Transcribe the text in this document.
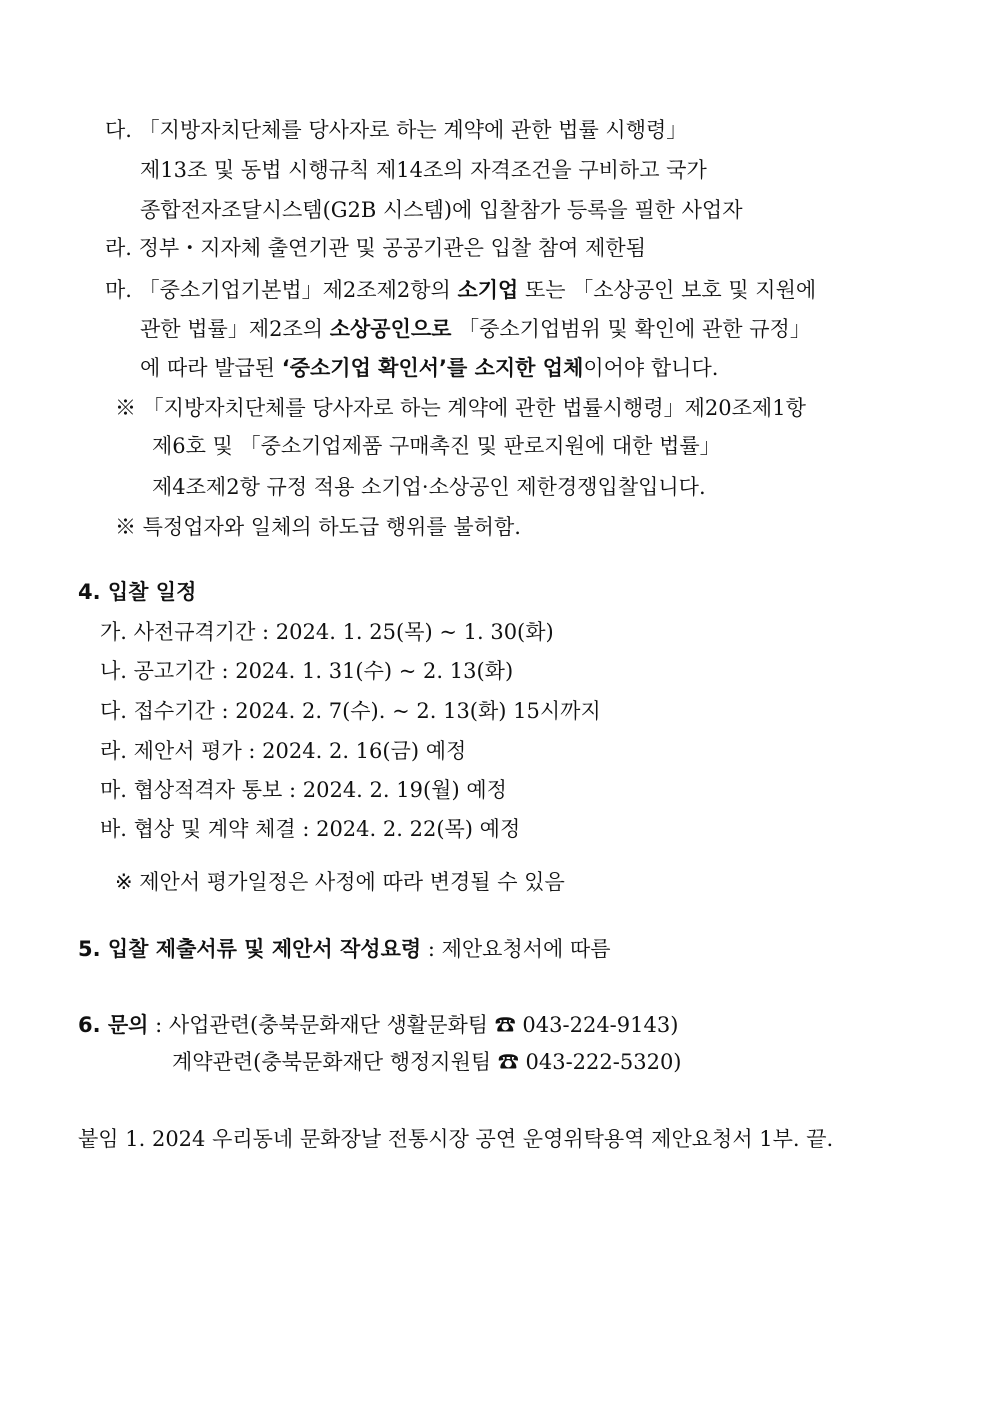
다. 「지방자치단체를 당사자로 하는 계약에 관한 법률 시행령」
제13조 및 동법 시행규칙 제14조의 자격조건을 구비하고 국가
종합전자조달시스템(G2B 시스템)에 입찰참가 등록을 필한 사업자
라. 정부・지자체 출연기관 및 공공기관은 입찰 참여 제한됨
마. 「중소기업기본법」제2조제2항의 소기업 또는 「소상공인 보호 및 지원에
관한 법률」제2조의 소상공인으로 「중소기업범위 및 확인에 관한 규정」
에 따라 발급된 ‘중소기업 확인서’를 소지한 업체이어야 합니다.
※ 「지방자치단체를 당사자로 하는 계약에 관한 법률시행령」제20조제1항
제6호 및 「중소기업제품 구매촉진 및 판로지원에 대한 법률」
제4조제2항 규정 적용 소기업·소상공인 제한경쟁입찰입니다.
※ 특정업자와 일체의 하도급 행위를 불허함.
4. 입찰 일정
가. 사전규격기간 : 2024. 1. 25(목) ~ 1. 30(화)
나. 공고기간 : 2024. 1. 31(수) ~ 2. 13(화)
다. 접수기간 : 2024. 2. 7(수). ~ 2. 13(화) 15시까지
라. 제안서 평가 : 2024. 2. 16(금) 예정
마. 협상적격자 통보 : 2024. 2. 19(월) 예정
바. 협상 및 계약 체결 : 2024. 2. 22(목) 예정
※ 제안서 평가일정은 사정에 따라 변경될 수 있음
5. 입찰 제출서류 및 제안서 작성요령 : 제안요청서에 따름
6. 문의 : 사업관련(충북문화재단 생활문화팀 ☎ 043-224-9143)
계약관련(충북문화재단 행정지원팀 ☎ 043-222-5320)
붙임 1. 2024 우리동네 문화장날 전통시장 공연 운영위탁용역 제안요청서 1부. 끝.
